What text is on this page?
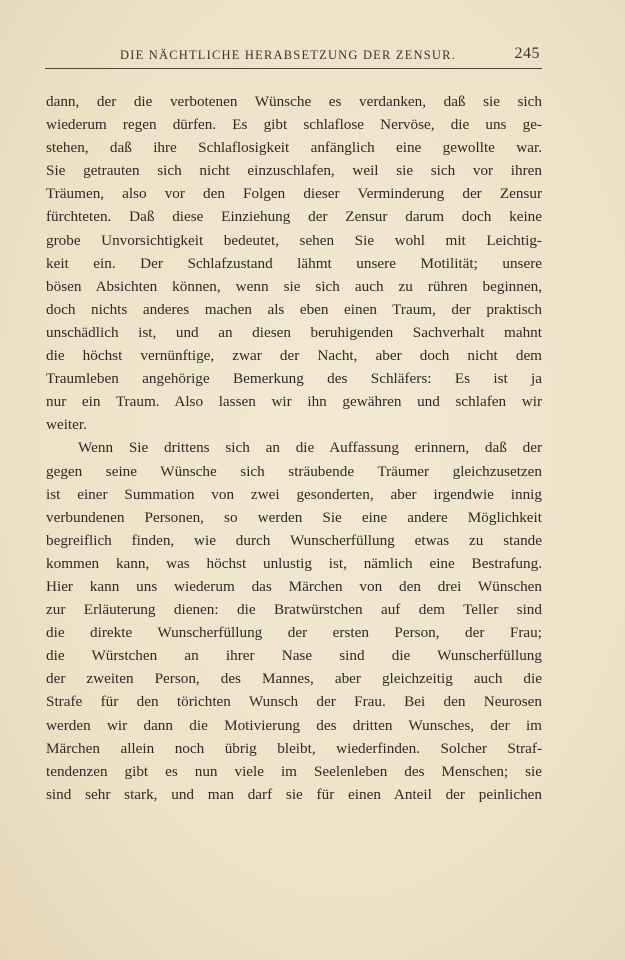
DIE NÄCHTLICHE HERABSETZUNG DER ZENSUR.	245
dann, der die verbotenen Wünsche es verdanken, daß sie sich
wiederum regen dürfen. Es gibt schlaflose Nervöse, die uns ge-
stehen, daß ihre Schlaflosigkeit anfänglich eine gewollte war.
Sie getrauten sich nicht einzuschlafen, weil sie sich vor ihren
Träumen, also vor den Folgen dieser Verminderung der Zensur
fürchteten. Daß diese Einziehung der Zensur darum doch keine
grobe Unvorsichtigkeit bedeutet, sehen Sie wohl mit Leichtig-
keit ein. Der Schlafzustand lähmt unsere Motilität; unsere
bösen Absichten können, wenn sie sich auch zu rühren beginnen,
doch nichts anderes machen als eben einen Traum, der praktisch
unschädlich ist, und an diesen beruhigenden Sachverhalt mahnt
die höchst vernünftige, zwar der Nacht, aber doch nicht dem
Traumleben angehörige Bemerkung des Schläfers: Es ist ja
nur ein Traum. Also lassen wir ihn gewähren und schlafen wir
weiter.
Wenn Sie drittens sich an die Auffassung erinnern, daß der
gegen seine Wünsche sich sträubende Träumer gleichzusetzen
ist einer Summation von zwei gesonderten, aber irgendwie innig
verbundenen Personen, so werden Sie eine andere Möglichkeit
begreiflich finden, wie durch Wunscherfüllung etwas zu stande
kommen kann, was höchst unlustig ist, nämlich eine Bestrafung.
Hier kann uns wiederum das Märchen von den drei Wünschen
zur Erläuterung dienen: die Bratwürstchen auf dem Teller sind
die direkte Wunscherfüllung der ersten Person, der Frau;
die Würstchen an ihrer Nase sind die Wunscherfüllung
der zweiten Person, des Mannes, aber gleichzeitig auch die
Strafe für den törichten Wunsch der Frau. Bei den Neurosen
werden wir dann die Motivierung des dritten Wunsches, der im
Märchen allein noch übrig bleibt, wiederfinden. Solcher Straf-
tendenzen gibt es nun viele im Seelenleben des Menschen; sie
sind sehr stark, und man darf sie für einen Anteil der peinlichen
